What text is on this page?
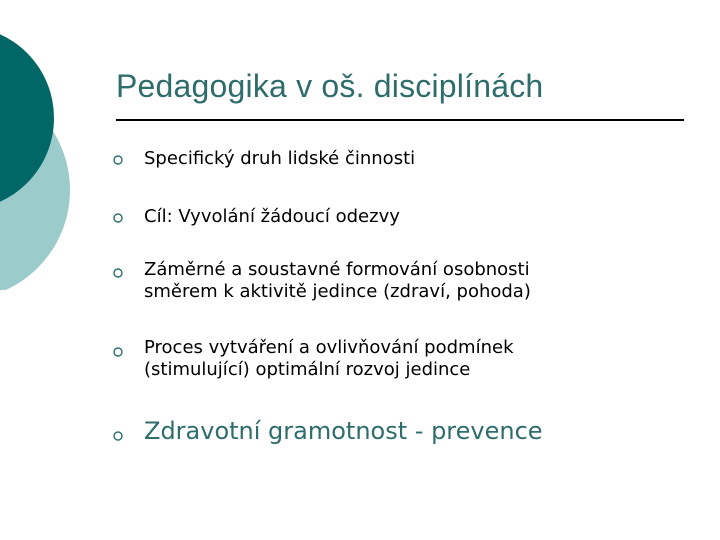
Pedagogika v oš. disciplínách
Specifický druh lidské činnosti
Cíl: Vyvolání žádoucí odezvy
Záměrné a soustavné formování osobnosti
směrem k aktivitě jedince (zdraví, pohoda)
Proces vytváření a ovlivňování podmínek
(stimulující) optimální rozvoj jedince
Zdravotní gramotnost - prevence
